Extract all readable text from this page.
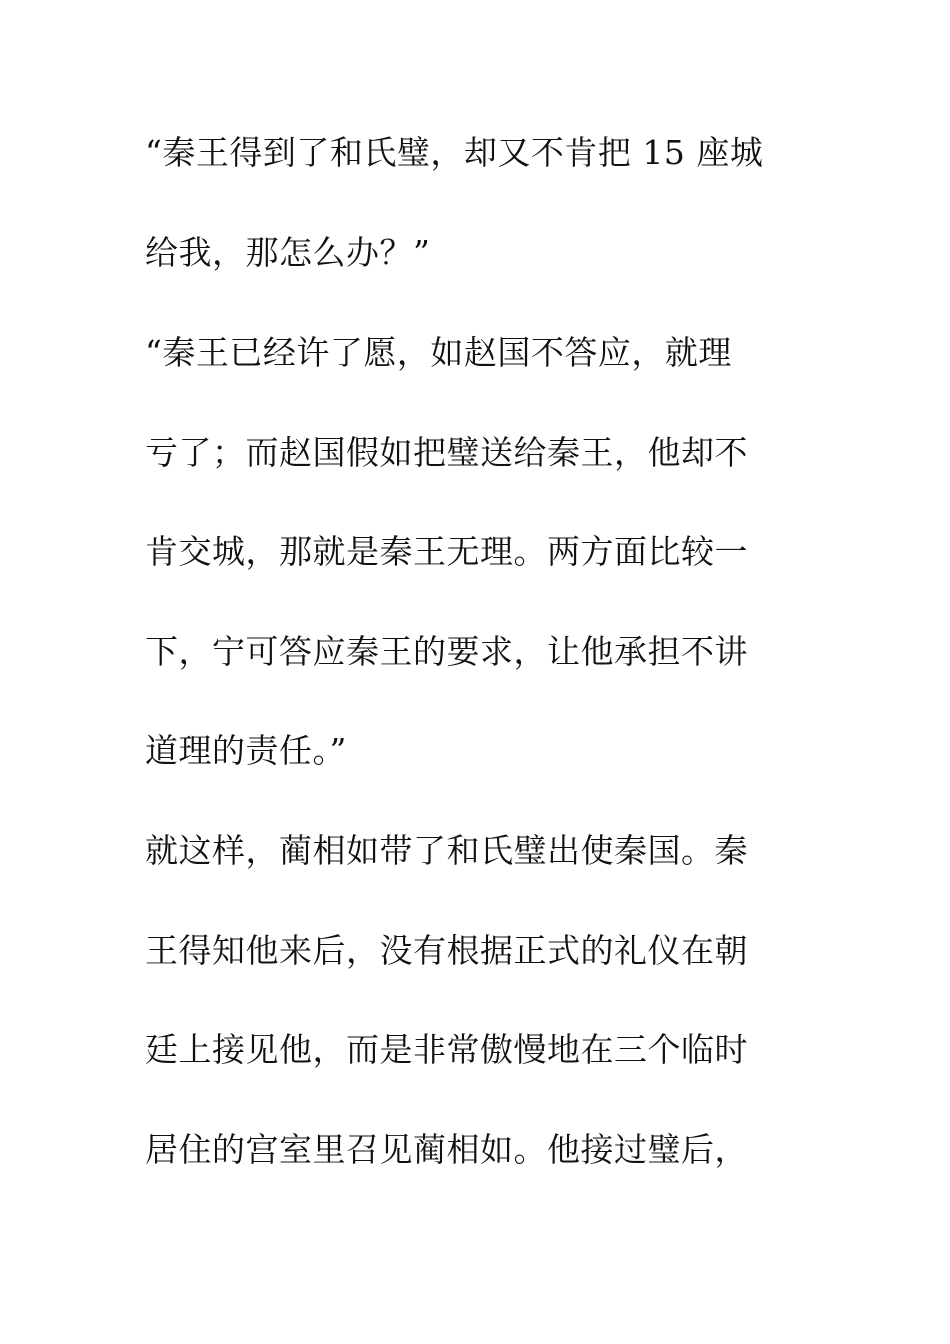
“秦王得到了和氏璧，却又不肯把 15 座城
给我，那怎么办？”
“秦王已经许了愿，如赵国不答应，就理
亏了；而赵国假如把璧送给秦王，他却不
肯交城，那就是秦王无理。两方面比较一
下，宁可答应秦王的要求，让他承担不讲
道理的责任。”
就这样，蔺相如带了和氏璧出使秦国。秦
王得知他来后，没有根据正式的礼仪在朝
廷上接见他，而是非常傲慢地在三个临时
居住的宫室里召见蔺相如。他接过璧后，
